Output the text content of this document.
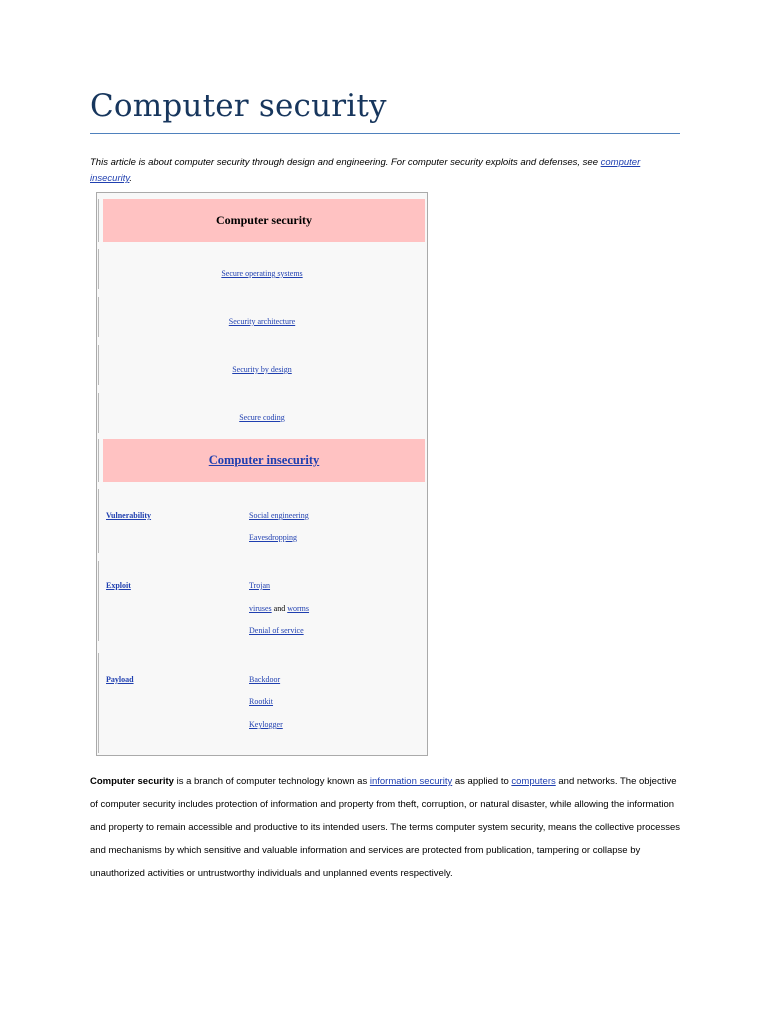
Computer security
This article is about computer security through design and engineering. For computer security exploits and defenses, see computer insecurity.
Computer security
Secure operating systems
Security architecture
Security by design
Secure coding
Computer insecurity
Vulnerability	Social engineering
Eavesdropping
Exploit	Trojan
viruses and worms
Denial of service
Payload	Backdoor
Rootkit
Keylogger

Computer security is a branch of computer technology known as information security as applied to computers and networks. The objective of computer security includes protection of information and property from theft, corruption, or natural disaster, while allowing the information and property to remain accessible and productive to its intended users. The terms computer system security, means the collective processes and mechanisms by which sensitive and valuable information and services are protected from publication, tampering or collapse by unauthorized activities or untrustworthy individuals and unplanned events respectively.
